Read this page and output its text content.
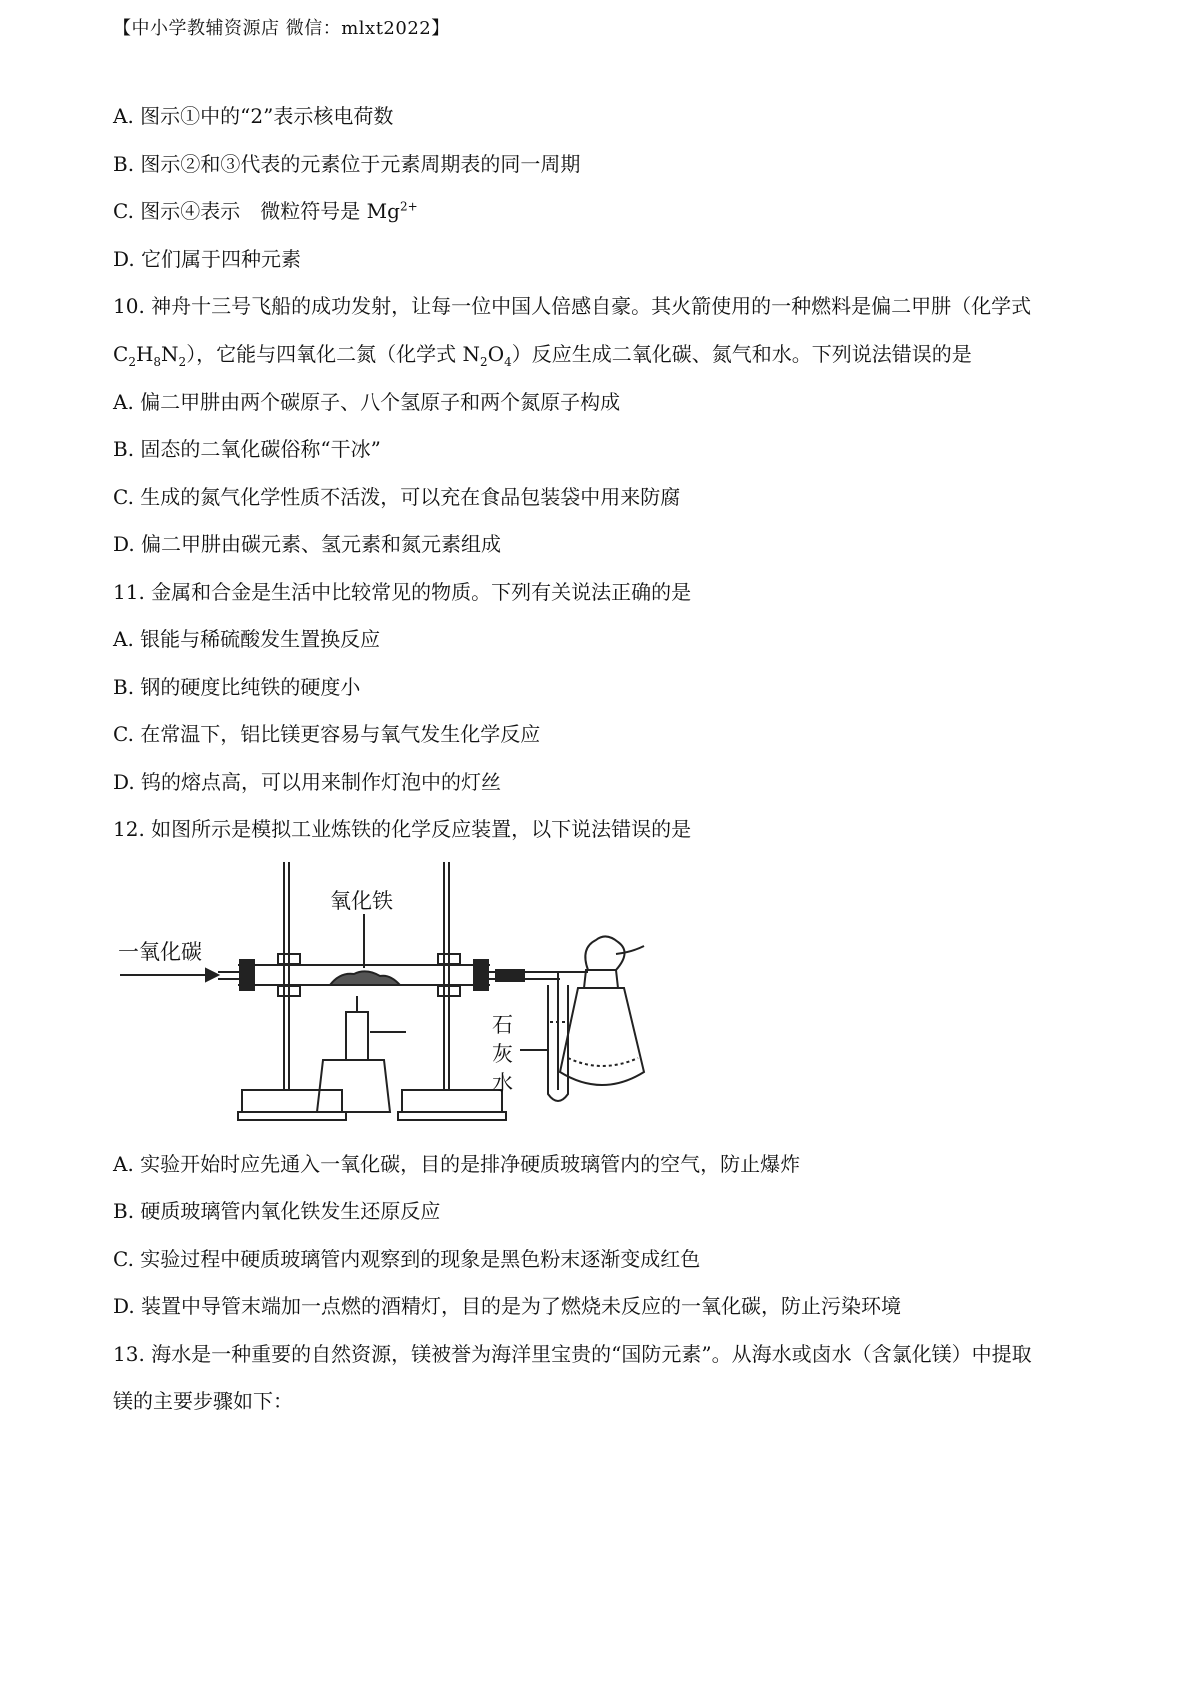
【中小学教辅资源店 微信：mlxt2022】
A. 图示①中的“2”表示核电荷数
B. 图示②和③代表的元素位于元素周期表的同一周期
C. 图示④表示　微粒符号是 $Mg^{2+}$
D. 它们属于四种元素
10. 神舟十三号飞船的成功发射，让每一位中国人倍感自豪。其火箭使用的一种燃料是偏二甲肼（化学式
$C_2H_8N_2$），它能与四氧化二氮（化学式 $N_2O_4$）反应生成二氧化碳、氮气和水。下列说法错误的是
A. 偏二甲肼由两个碳原子、八个氢原子和两个氮原子构成
B. 固态的二氧化碳俗称“干冰”
C. 生成的氮气化学性质不活泼，可以充在食品包装袋中用来防腐
D. 偏二甲肼由碳元素、氢元素和氮元素组成
11. 金属和合金是生活中比较常见的物质。下列有关说法正确的是
A. 银能与稀硫酸发生置换反应
B. 钢的硬度比纯铁的硬度小
C. 在常温下，铝比镁更容易与氧气发生化学反应
D. 钨的熔点高，可以用来制作灯泡中的灯丝
12. 如图所示是模拟工业炼铁的化学反应装置，以下说法错误的是
一氧化碳
氧化铁
石
灰
水
A. 实验开始时应先通入一氧化碳，目的是排净硬质玻璃管内的空气，防止爆炸
B. 硬质玻璃管内氧化铁发生还原反应
C. 实验过程中硬质玻璃管内观察到的现象是黑色粉末逐渐变成红色
D. 装置中导管末端加一点燃的酒精灯，目的是为了燃烧未反应的一氧化碳，防止污染环境
13. 海水是一种重要的自然资源，镁被誉为海洋里宝贵的“国防元素”。从海水或卤水（含氯化镁）中提取
镁的主要步骤如下：
